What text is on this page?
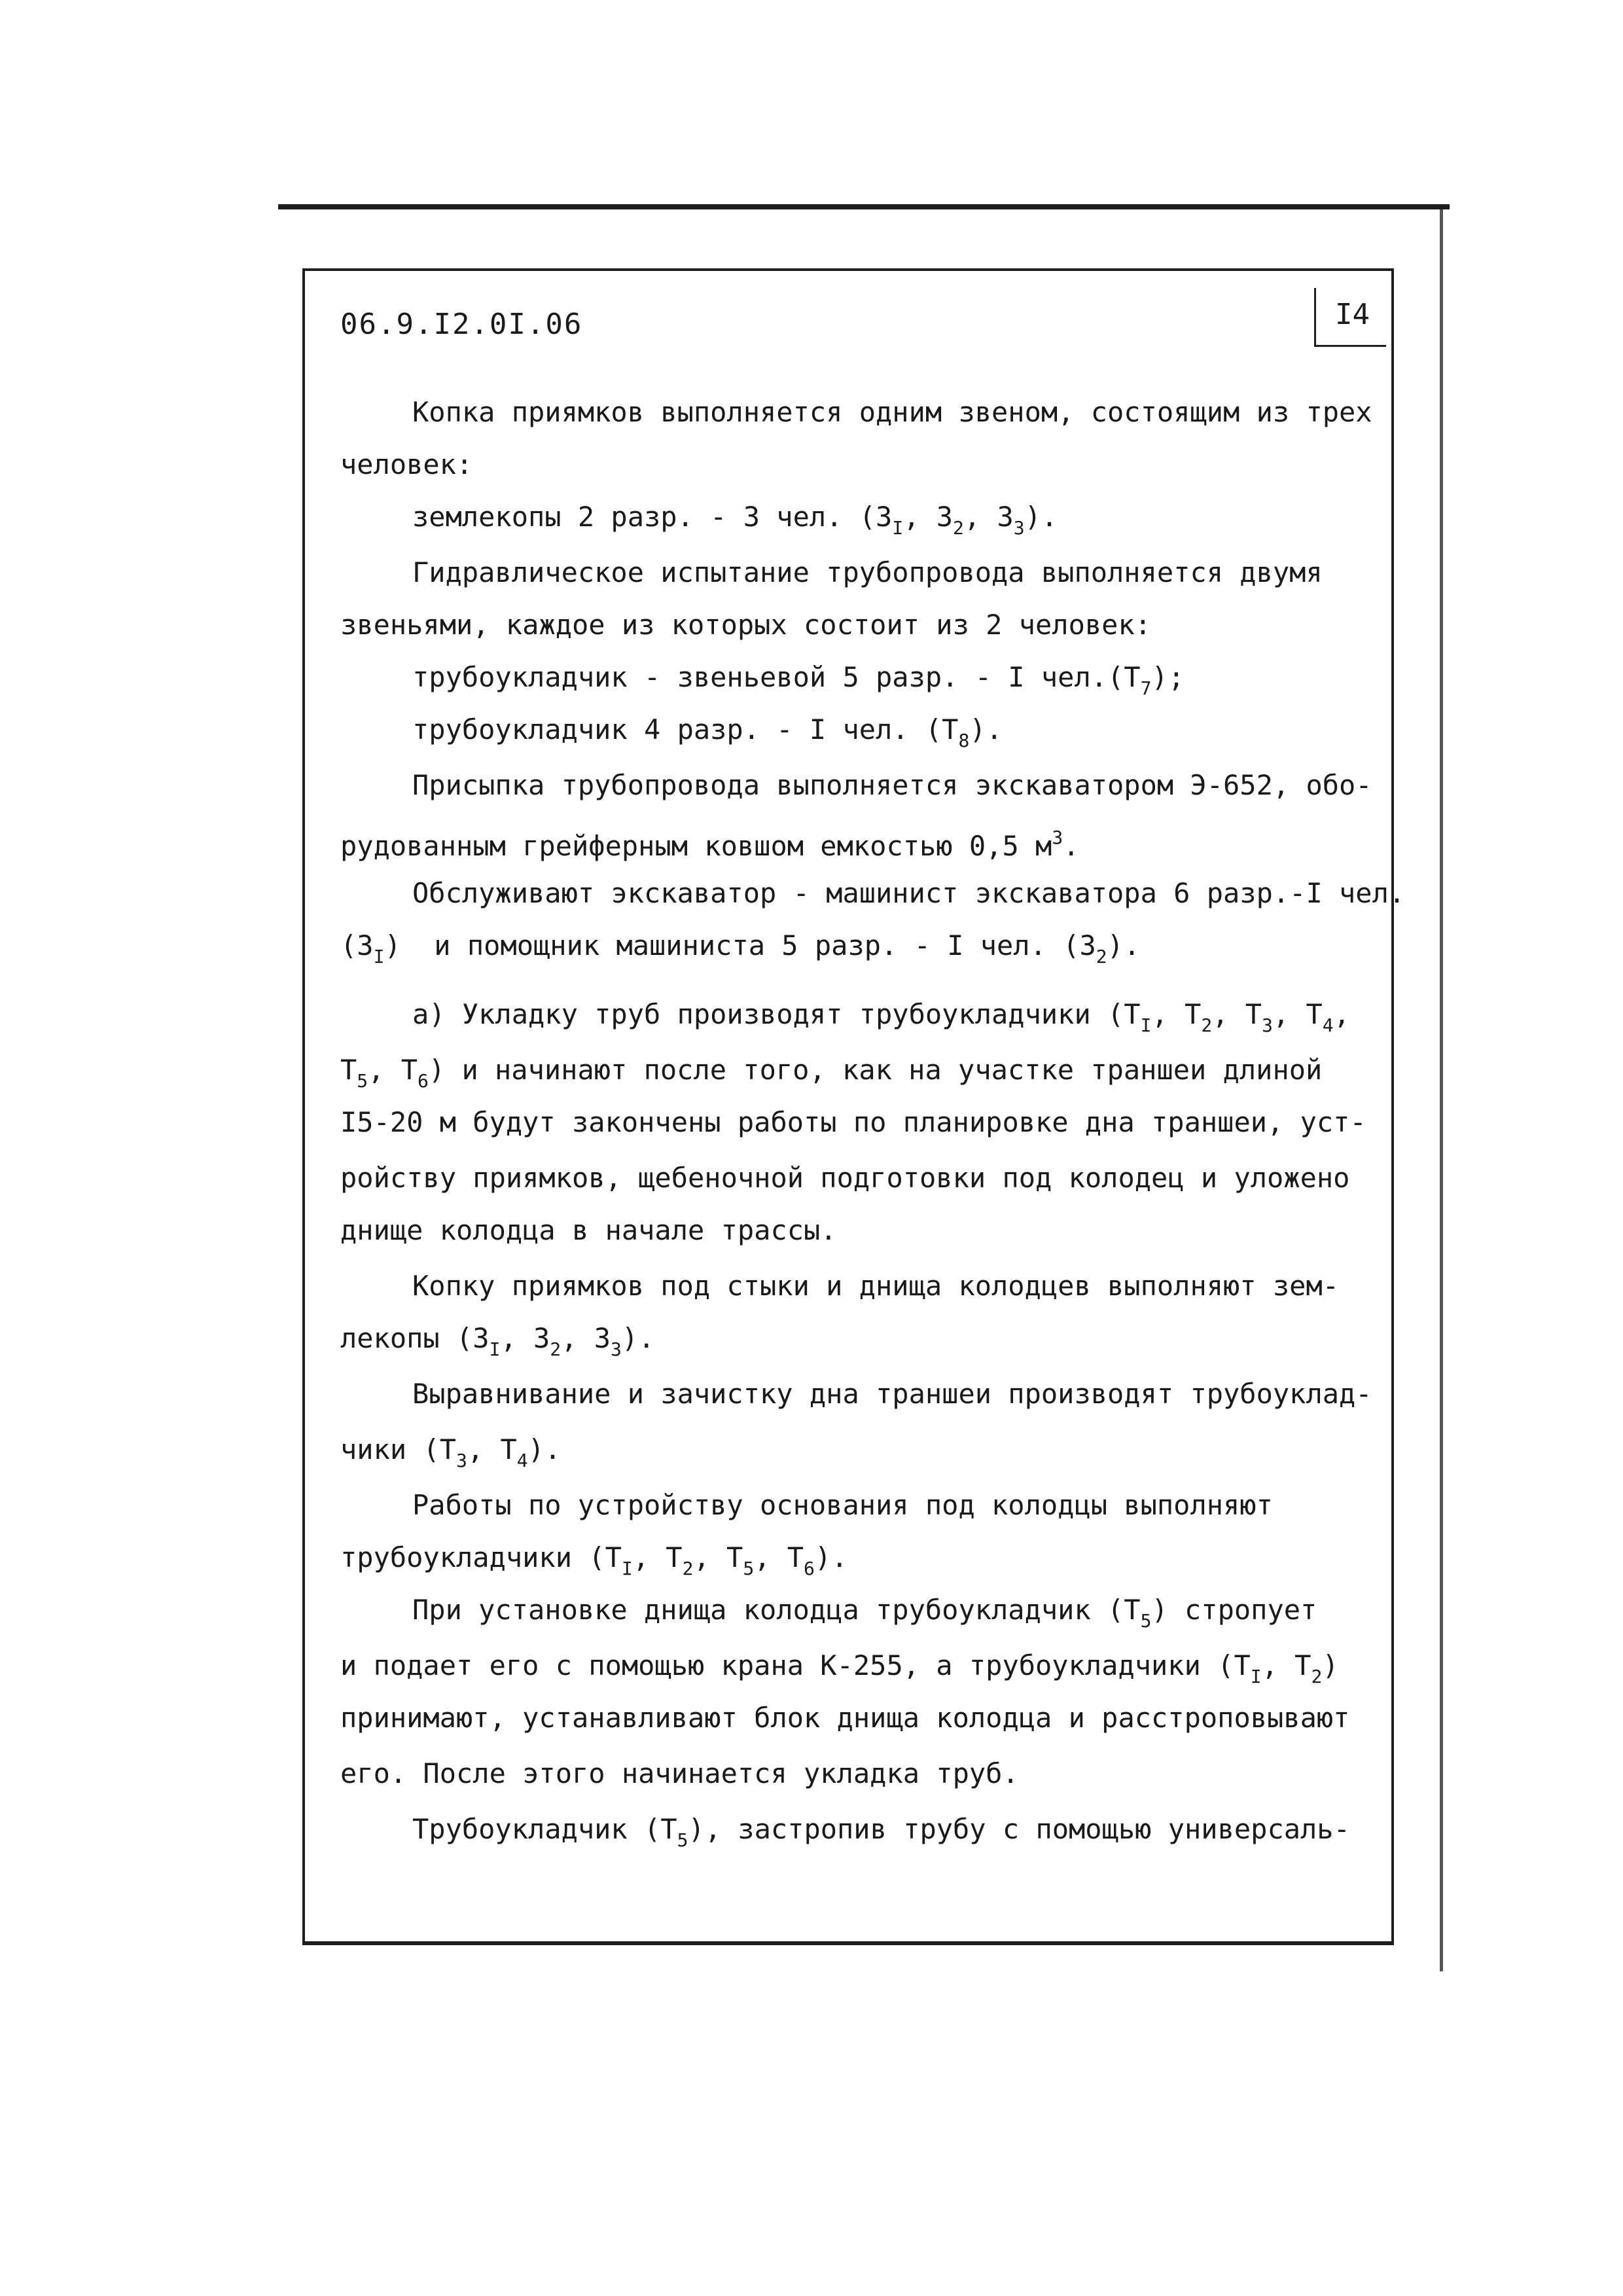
06.9.I2.0I.06	I4
Копка приямков выполняется одним звеном, состоящим из трех
человек:
землекопы 2 разр. - 3 чел. ($3_I$, $3_2$, $3_3$).
Гидравлическое испытание трубопровода выполняется двумя
звеньями, каждое из которых состоит из 2 человек:
трубоукладчик - звеньевой 5 разр. - I $чел.(Т_7)$;
трубоукладчик 4 разр. - I чел. $(Т_8)$.
Присыпка трубопровода выполняется экскаватором Э-652, обо-
рудованным грейферным ковшом емкостью 0,5 $м^3$.
Обслуживают экскаватор - машинист экскаватора 6 разр.-I чел.
$(3_I)$  и помощник машиниста 5 разр. - I чел. $(3_2)$.
а) Укладку труб производят трубоукладчики ($Т_I$, $Т_2$, $Т_3$, $Т_4$,
$Т_5$, $Т_6$) и начинают после того, как на участке траншеи длиной
I5-20 м будут закончены работы по планировке дна траншеи, уст-
ройству приямков, щебеночной подготовки под колодец и уложено
днище колодца в начале трассы.
Копку приямков под стыки и днища колодцев выполняют зем-
лекопы ($3_I$, $3_2$, $3_3$).
Выравнивание и зачистку дна траншеи производят трубоуклад-
чики ($Т_3$, $Т_4$).
Работы по устройству основания под колодцы выполняют
трубоукладчики ($Т_I$, $Т_2$, $Т_5$, $Т_6$).
При установке днища колодца трубоукладчик $(Т_5)$ стропует
и подает его с помощью крана К-255, а трубоукладчики ($Т_I$, $Т_2$)
принимают, устанавливают блок днища колодца и расстроповывают
его. После этого начинается укладка труб.
Трубоукладчик $(Т_5)$, застропив трубу с помощью универсаль-
